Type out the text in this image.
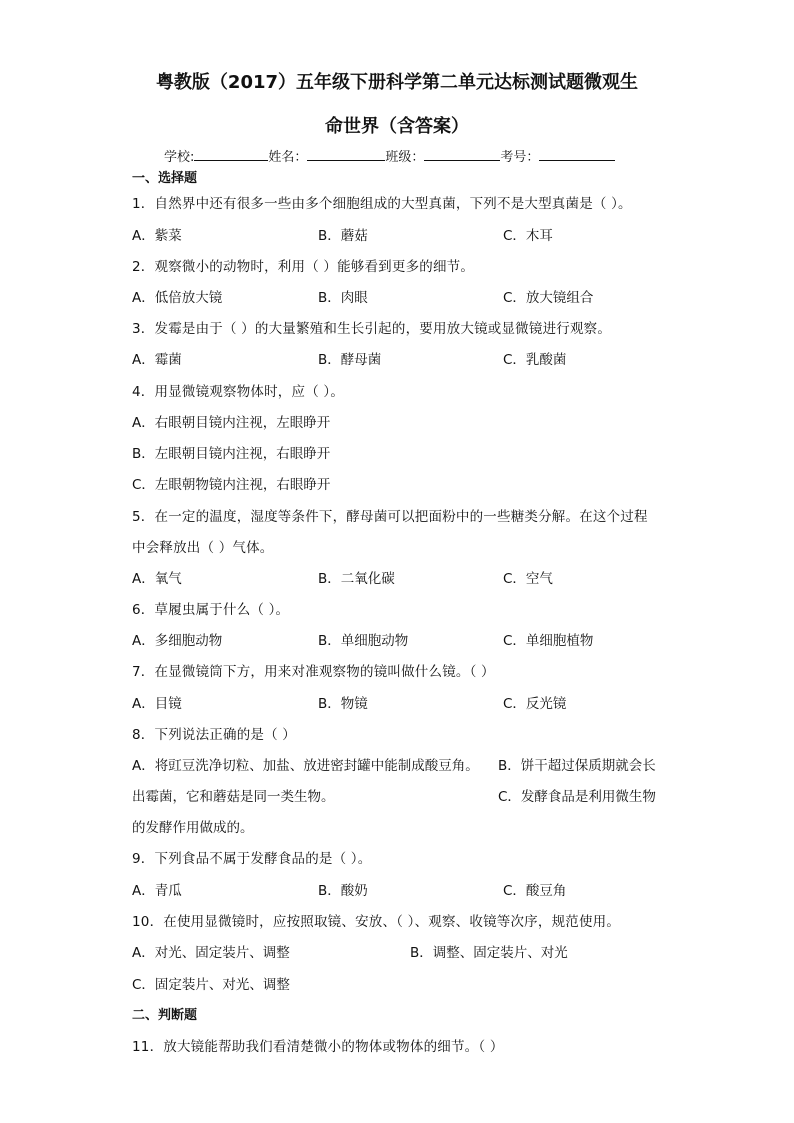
粤教版（2017）五年级下册科学第二单元达标测试题微观生
命世界（含答案）
学校:	姓名：	班级：	考号：
一、选择题
1．自然界中还有很多一些由多个细胞组成的大型真菌，下列不是大型真菌是（ ）。
A．紫菜	B．蘑菇	C．木耳
2．观察微小的动物时，利用（ ）能够看到更多的细节。
A．低倍放大镜	B．肉眼	C．放大镜组合
3．发霉是由于（ ）的大量繁殖和生长引起的，要用放大镜或显微镜进行观察。
A．霉菌	B．酵母菌	C．乳酸菌
4．用显微镜观察物体时，应（ ）。
A．右眼朝目镜内注视，左眼睁开
B．左眼朝目镜内注视，右眼睁开
C．左眼朝物镜内注视，右眼睁开
5．在一定的温度，湿度等条件下，酵母菌可以把面粉中的一些糖类分解。在这个过程
中会释放出（ ）气体。
A．氧气	B．二氧化碳	C．空气
6．草履虫属于什么（ ）。
A．多细胞动物	B．单细胞动物	C．单细胞植物
7．在显微镜筒下方，用来对准观察物的镜叫做什么镜。（ ）
A．目镜	B．物镜	C．反光镜
8．下列说法正确的是（ ）
A．将豇豆洗净切粒、加盐、放进密封罐中能制成酸豆角。 B．饼干超过保质期就会长
出霉菌，它和蘑菇是同一类生物。	C．发酵食品是利用微生物
的发酵作用做成的。
9．下列食品不属于发酵食品的是（ ）。
A．青瓜	B．酸奶	C．酸豆角
10．在使用显微镜时，应按照取镜、安放、（ ）、观察、收镜等次序，规范使用。
A．对光、固定装片、调整	B．调整、固定装片、对光
C．固定装片、对光、调整
二、判断题
11．放大镜能帮助我们看清楚微小的物体或物体的细节。（ ）
